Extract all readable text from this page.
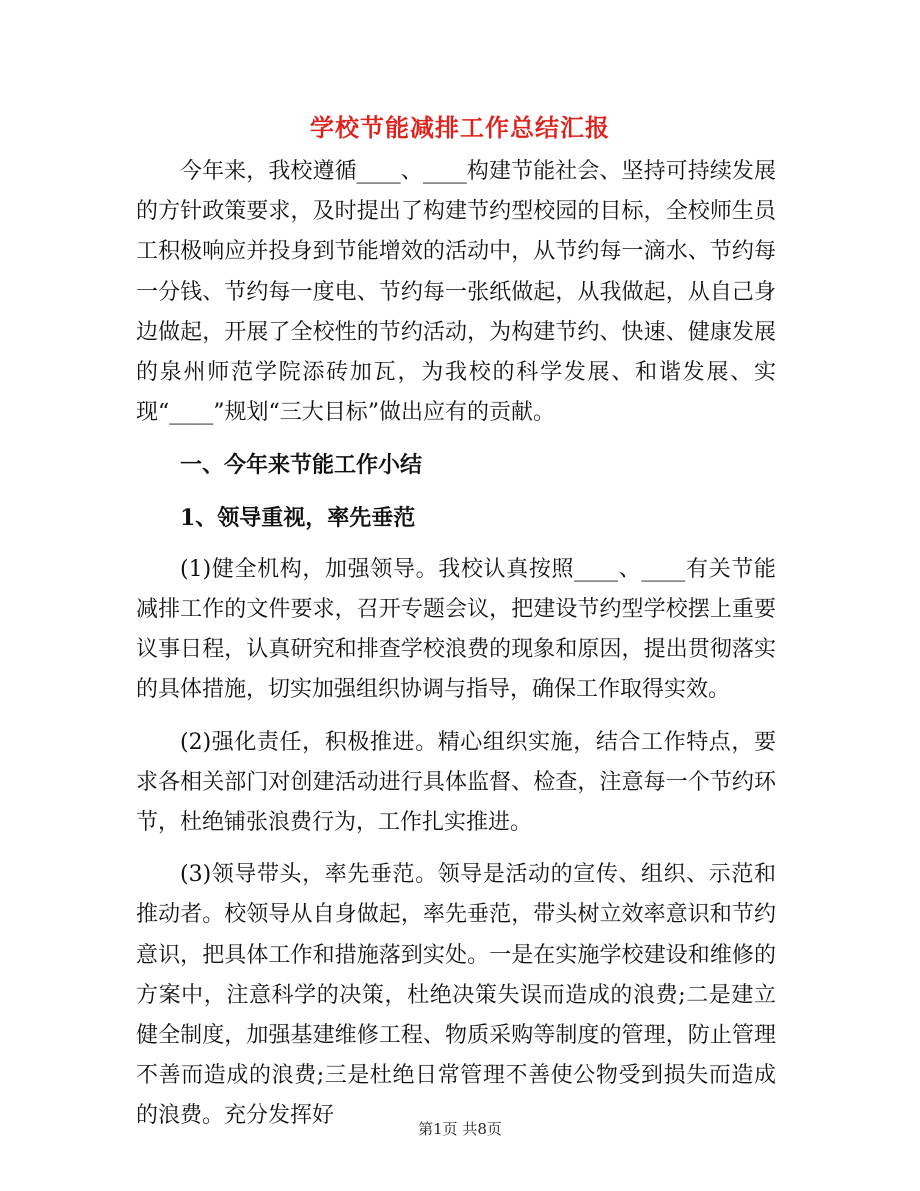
学校节能减排工作总结汇报

今年来，我校遵循____、____构建节能社会、坚持可持续发展的方针政策要求，及时提出了构建节约型校园的目标，全校师生员工积极响应并投身到节能增效的活动中，从节约每一滴水、节约每一分钱、节约每一度电、节约每一张纸做起，从我做起，从自己身边做起，开展了全校性的节约活动，为构建节约、快速、健康发展的泉州师范学院添砖加瓦，为我校的科学发展、和谐发展、实现“____”规划“三大目标”做出应有的贡献。

一、今年来节能工作小结

1、领导重视，率先垂范

(1)健全机构，加强领导。我校认真按照____、____有关节能减排工作的文件要求，召开专题会议，把建设节约型学校摆上重要议事日程，认真研究和排查学校浪费的现象和原因，提出贯彻落实的具体措施，切实加强组织协调与指导，确保工作取得实效。

(2)强化责任，积极推进。精心组织实施，结合工作特点，要求各相关部门对创建活动进行具体监督、检查，注意每一个节约环节，杜绝铺张浪费行为，工作扎实推进。

(3)领导带头，率先垂范。领导是活动的宣传、组织、示范和推动者。校领导从自身做起，率先垂范，带头树立效率意识和节约意识，把具体工作和措施落到实处。一是在实施学校建设和维修的方案中，注意科学的决策，杜绝决策失误而造成的浪费;二是建立健全制度，加强基建维修工程、物质采购等制度的管理，防止管理不善而造成的浪费;三是杜绝日常管理不善使公物受到损失而造成的浪费。充分发挥好

第1页 共8页
